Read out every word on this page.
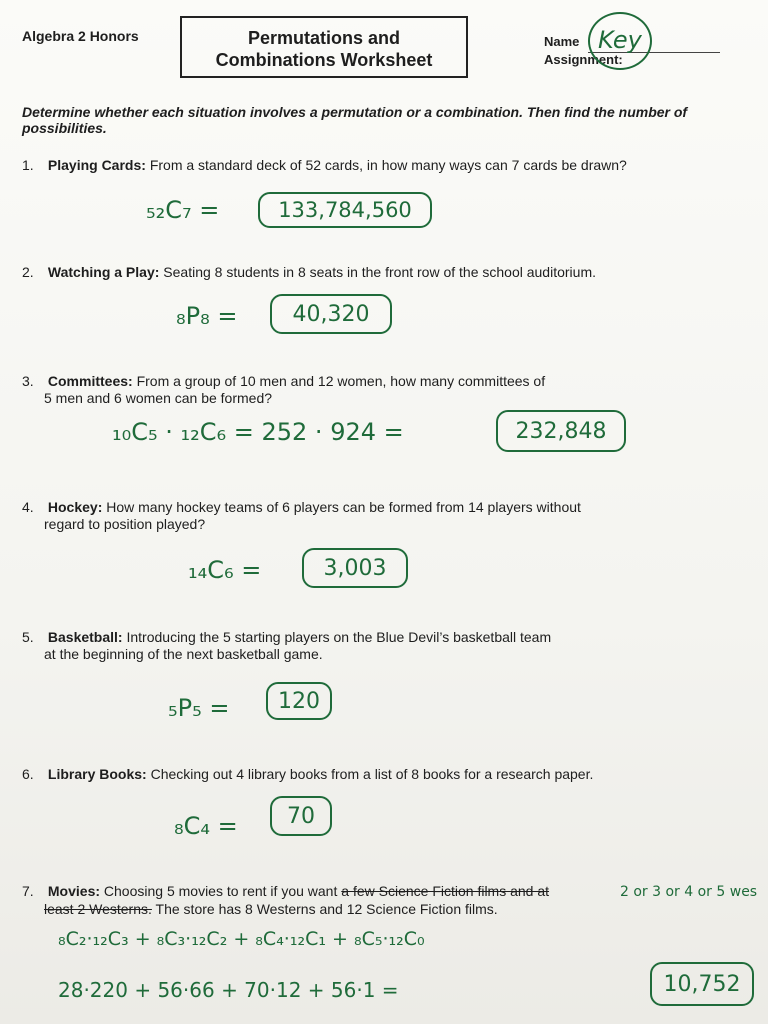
Algebra 2 Honors	Permutations and
Combinations Worksheet
Name
Assignment:
Key
Determine whether each situation involves a permutation or a combination. Then find the number of possibilities.
1. Playing Cards: From a standard deck of 52 cards, in how many ways can 7 cards be drawn?
₅₂C₇ =	133,784,560
2. Watching a Play: Seating 8 students in 8 seats in the front row of the school auditorium.
₈P₈ =	40,320
3. Committees: From a group of 10 men and 12 women, how many committees of
5 men and 6 women can be formed?
₁₀C₅ · ₁₂C₆ = 252 · 924 =	232,848
4. Hockey: How many hockey teams of 6 players can be formed from 14 players without
regard to position played?
₁₄C₆ =	3,003
5. Basketball: Introducing the 5 starting players on the Blue Devil’s basketball team
at the beginning of the next basketball game.
₅P₅ =	120
6. Library Books: Checking out 4 library books from a list of 8 books for a research paper.
₈C₄ =	70
7. Movies: Choosing 5 movies to rent if you want a few Science Fiction films and at
least 2 Westerns. The store has 8 Westerns and 12 Science Fiction films.
2 or 3 or 4 or 5 wes
₈C₂·₁₂C₃ + ₈C₃·₁₂C₂ + ₈C₄·₁₂C₁ + ₈C₅·₁₂C₀
28·220 + 56·66 + 70·12 + 56·1 =	10,752
